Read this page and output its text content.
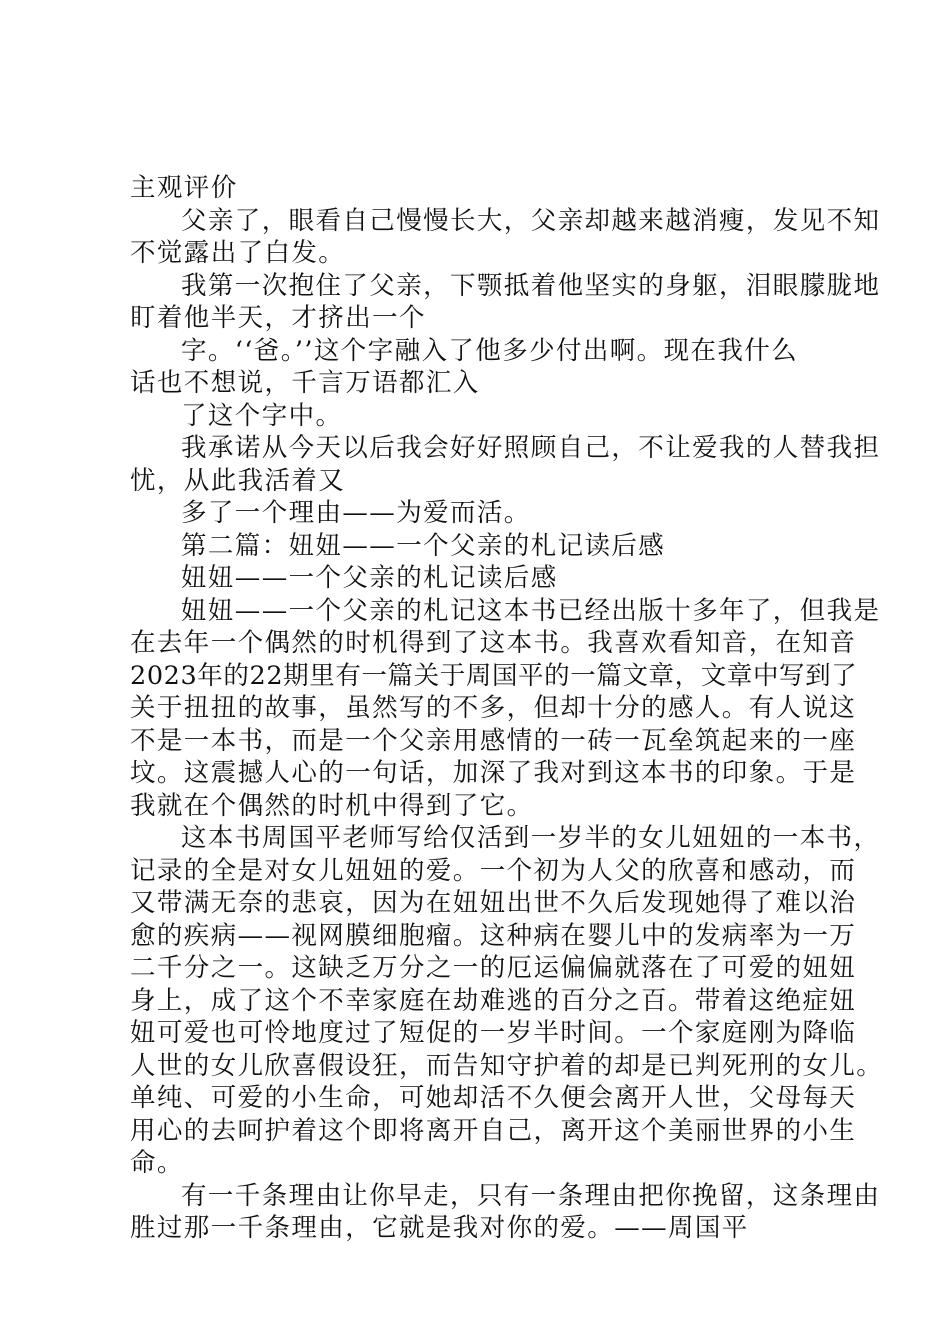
主观评价
父亲了，眼看自己慢慢长大，父亲却越来越消瘦，发见不知
不觉露出了白发。
我第一次抱住了父亲，下颚抵着他坚实的身躯，泪眼朦胧地
盯着他半天，才挤出一个
字。‘‘爸。’’这个字融入了他多少付出啊。现在我什么
话也不想说，千言万语都汇入
了这个字中。
我承诺从今天以后我会好好照顾自己，不让爱我的人替我担
忧，从此我活着又
多了一个理由——为爱而活。
第二篇：妞妞——一个父亲的札记读后感
妞妞——一个父亲的札记读后感
妞妞——一个父亲的札记这本书已经出版十多年了，但我是
在去年一个偶然的时机得到了这本书。我喜欢看知音，在知音
2023年的22期里有一篇关于周国平的一篇文章，文章中写到了
关于扭扭的故事，虽然写的不多，但却十分的感人。有人说这
不是一本书，而是一个父亲用感情的一砖一瓦垒筑起来的一座
坟。这震撼人心的一句话，加深了我对到这本书的印象。于是
我就在个偶然的时机中得到了它。
这本书周国平老师写给仅活到一岁半的女儿妞妞的一本书，
记录的全是对女儿妞妞的爱。一个初为人父的欣喜和感动，而
又带满无奈的悲哀，因为在妞妞出世不久后发现她得了难以治
愈的疾病——视网膜细胞瘤。这种病在婴儿中的发病率为一万
二千分之一。这缺乏万分之一的厄运偏偏就落在了可爱的妞妞
身上，成了这个不幸家庭在劫难逃的百分之百。带着这绝症妞
妞可爱也可怜地度过了短促的一岁半时间。一个家庭刚为降临
人世的女儿欣喜假设狂，而告知守护着的却是已判死刑的女儿。
单纯、可爱的小生命，可她却活不久便会离开人世，父母每天
用心的去呵护着这个即将离开自己，离开这个美丽世界的小生
命。
有一千条理由让你早走，只有一条理由把你挽留，这条理由
胜过那一千条理由，它就是我对你的爱。——周国平
